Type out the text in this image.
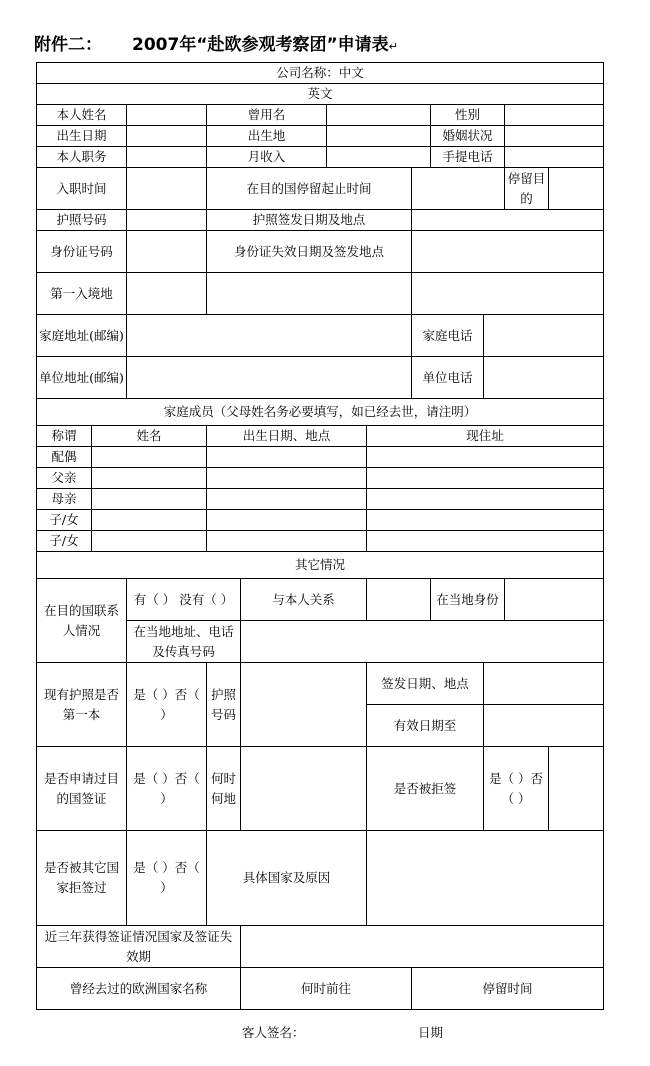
附件二： 2007年“赴欧参观考察团”申请表↵
公司名称：中文											
英文											
本人姓名			曾用名					性别			
出生日期			出生地					婚姻状况			
本人职务			月收入					手提电话			
入职时间			在目的国停留起止时间							停留目的	
护照号码			护照签发日期及地点								
身份证号码			身份证失效日期及签发地点								
第一入境地											
家庭地址(邮编)							家庭电话				
单位地址(邮编)							单位电话				
家庭成员（父母姓名务必要填写，如已经去世，请注明）											
称谓	姓名		出生日期、地点			现住址					
配偶											
父亲											
母亲											
子/女											
子/女											
其它情况											
在目的国联系人情况		有（ ） 没有（ ）		与本人关系				在当地身份			
		在当地地址、电话及传真号码									
现有护照是否第一本		是（ ）否（ ）	护照号码			签发日期、地点					
						有效日期至					
是否申请过目的国签证		是（ ）否（ ）	何时何地			是否被拒签			是（ ）否（ ）		
是否被其它国家拒签过		是（ ）否（ ）	具体国家及原因								
近三年获得签证情况国家及签证失效期											
曾经去过的欧洲国家名称				何时前往			停留时间				
客人签名：	日期
